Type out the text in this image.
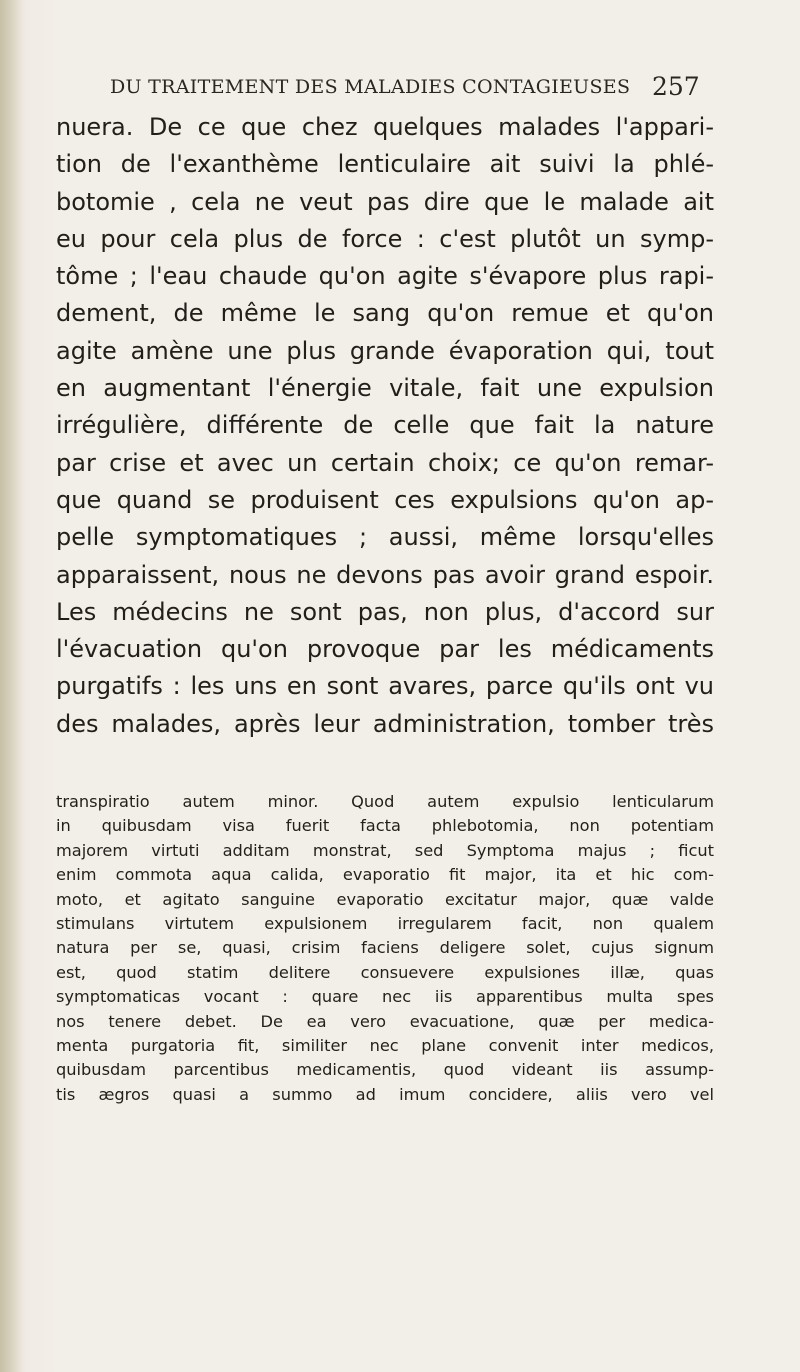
DU TRAITEMENT DES MALADIES CONTAGIEUSES 257
nuera. De ce que chez quelques malades l'appari-
tion de l'exanthème lenticulaire ait suivi la phlé-
botomie , cela ne veut pas dire que le malade ait
eu pour cela plus de force : c'est plutôt un symp-
tôme ; l'eau chaude qu'on agite s'évapore plus rapi-
dement, de même le sang qu'on remue et qu'on
agite amène une plus grande évaporation qui, tout
en augmentant l'énergie vitale, fait une expulsion
irrégulière, différente de celle que fait la nature
par crise et avec un certain choix; ce qu'on remar-
que quand se produisent ces expulsions qu'on ap-
pelle symptomatiques ; aussi, même lorsqu'elles
apparaissent, nous ne devons pas avoir grand espoir.
Les médecins ne sont pas, non plus, d'accord sur
l'évacuation qu'on provoque par les médicaments
purgatifs : les uns en sont avares, parce qu'ils ont vu
des malades, après leur administration, tomber très
transpiratio autem minor. Quod autem expulsio lenticularum
in quibusdam visa fuerit facta phlebotomia, non potentiam
majorem virtuti additam monstrat, sed Symptoma majus ; ficut
enim commota aqua calida, evaporatio fit major, ita et hic com-
moto, et agitato sanguine evaporatio excitatur major, quæ valde
stimulans virtutem expulsionem irregularem facit, non qualem
natura per se, quasi, crisim faciens deligere solet, cujus signum
est, quod statim delitere consuevere expulsiones illæ, quas
symptomaticas vocant : quare nec iis apparentibus multa spes
nos tenere debet. De ea vero evacuatione, quæ per medica-
menta purgatoria fit, similiter nec plane convenit inter medicos,
quibusdam parcentibus medicamentis, quod videant iis assump-
tis ægros quasi a summo ad imum concidere, aliis vero vel
